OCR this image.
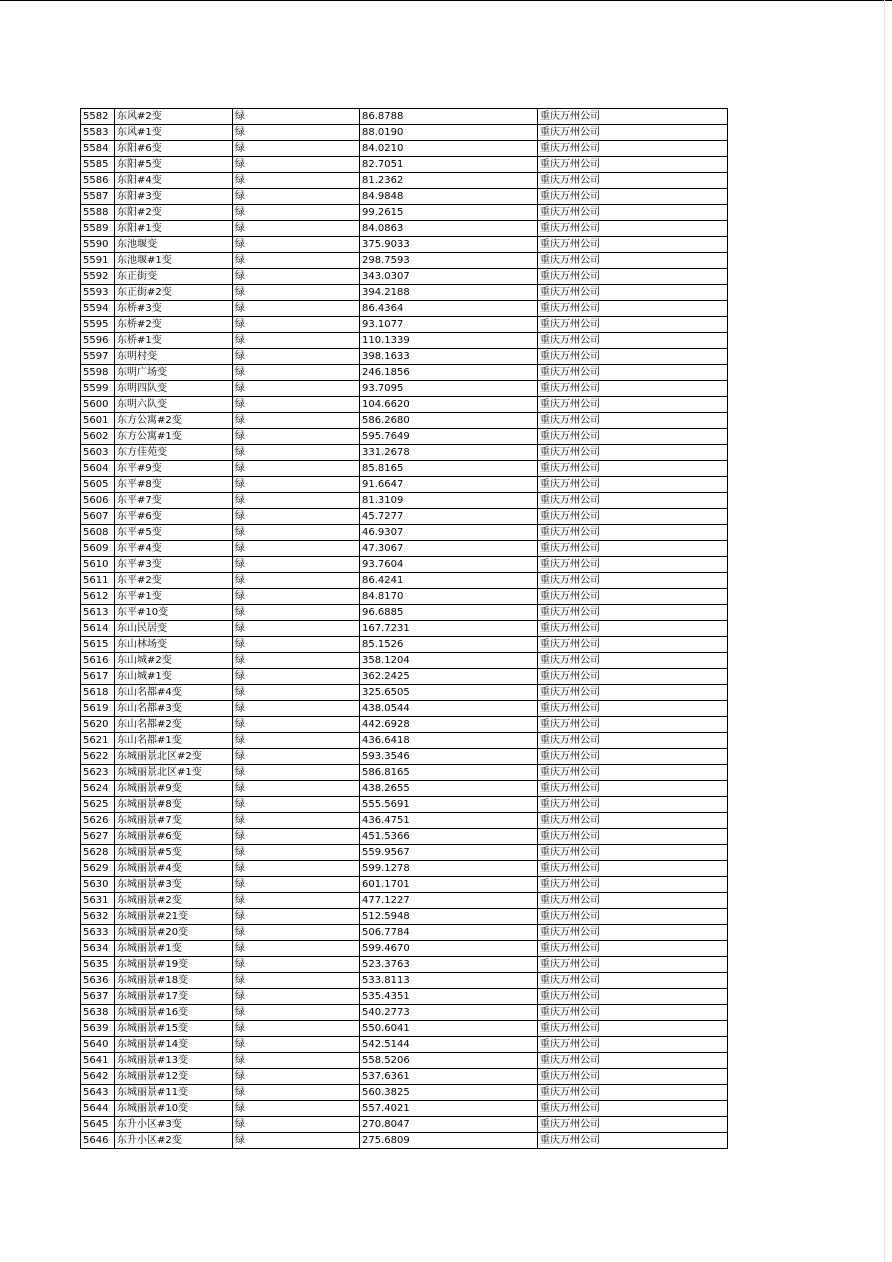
5582	东风#2变	绿	86.8788	重庆万州公司
5583	东风#1变	绿	88.0190	重庆万州公司
5584	东阳#6变	绿	84.0210	重庆万州公司
5585	东阳#5变	绿	82.7051	重庆万州公司
5586	东阳#4变	绿	81.2362	重庆万州公司
5587	东阳#3变	绿	84.9848	重庆万州公司
5588	东阳#2变	绿	99.2615	重庆万州公司
5589	东阳#1变	绿	84.0863	重庆万州公司
5590	东池堰变	绿	375.9033	重庆万州公司
5591	东池堰#1变	绿	298.7593	重庆万州公司
5592	东正街变	绿	343.0307	重庆万州公司
5593	东正街#2变	绿	394.2188	重庆万州公司
5594	东桥#3变	绿	86.4364	重庆万州公司
5595	东桥#2变	绿	93.1077	重庆万州公司
5596	东桥#1变	绿	110.1339	重庆万州公司
5597	东明村变	绿	398.1633	重庆万州公司
5598	东明广场变	绿	246.1856	重庆万州公司
5599	东明四队变	绿	93.7095	重庆万州公司
5600	东明六队变	绿	104.6620	重庆万州公司
5601	东方公寓#2变	绿	586.2680	重庆万州公司
5602	东方公寓#1变	绿	595.7649	重庆万州公司
5603	东方佳苑变	绿	331.2678	重庆万州公司
5604	东平#9变	绿	85.8165	重庆万州公司
5605	东平#8变	绿	91.6647	重庆万州公司
5606	东平#7变	绿	81.3109	重庆万州公司
5607	东平#6变	绿	45.7277	重庆万州公司
5608	东平#5变	绿	46.9307	重庆万州公司
5609	东平#4变	绿	47.3067	重庆万州公司
5610	东平#3变	绿	93.7604	重庆万州公司
5611	东平#2变	绿	86.4241	重庆万州公司
5612	东平#1变	绿	84.8170	重庆万州公司
5613	东平#10变	绿	96.6885	重庆万州公司
5614	东山民居变	绿	167.7231	重庆万州公司
5615	东山林场变	绿	85.1526	重庆万州公司
5616	东山城#2变	绿	358.1204	重庆万州公司
5617	东山城#1变	绿	362.2425	重庆万州公司
5618	东山名都#4变	绿	325.6505	重庆万州公司
5619	东山名都#3变	绿	438.0544	重庆万州公司
5620	东山名都#2变	绿	442.6928	重庆万州公司
5621	东山名都#1变	绿	436.6418	重庆万州公司
5622	东城丽景北区#2变	绿	593.3546	重庆万州公司
5623	东城丽景北区#1变	绿	586.8165	重庆万州公司
5624	东城丽景#9变	绿	438.2655	重庆万州公司
5625	东城丽景#8变	绿	555.5691	重庆万州公司
5626	东城丽景#7变	绿	436.4751	重庆万州公司
5627	东城丽景#6变	绿	451.5366	重庆万州公司
5628	东城丽景#5变	绿	559.9567	重庆万州公司
5629	东城丽景#4变	绿	599.1278	重庆万州公司
5630	东城丽景#3变	绿	601.1701	重庆万州公司
5631	东城丽景#2变	绿	477.1227	重庆万州公司
5632	东城丽景#21变	绿	512.5948	重庆万州公司
5633	东城丽景#20变	绿	506.7784	重庆万州公司
5634	东城丽景#1变	绿	599.4670	重庆万州公司
5635	东城丽景#19变	绿	523.3763	重庆万州公司
5636	东城丽景#18变	绿	533.8113	重庆万州公司
5637	东城丽景#17变	绿	535.4351	重庆万州公司
5638	东城丽景#16变	绿	540.2773	重庆万州公司
5639	东城丽景#15变	绿	550.6041	重庆万州公司
5640	东城丽景#14变	绿	542.5144	重庆万州公司
5641	东城丽景#13变	绿	558.5206	重庆万州公司
5642	东城丽景#12变	绿	537.6361	重庆万州公司
5643	东城丽景#11变	绿	560.3825	重庆万州公司
5644	东城丽景#10变	绿	557.4021	重庆万州公司
5645	东升小区#3变	绿	270.8047	重庆万州公司
5646	东升小区#2变	绿	275.6809	重庆万州公司
